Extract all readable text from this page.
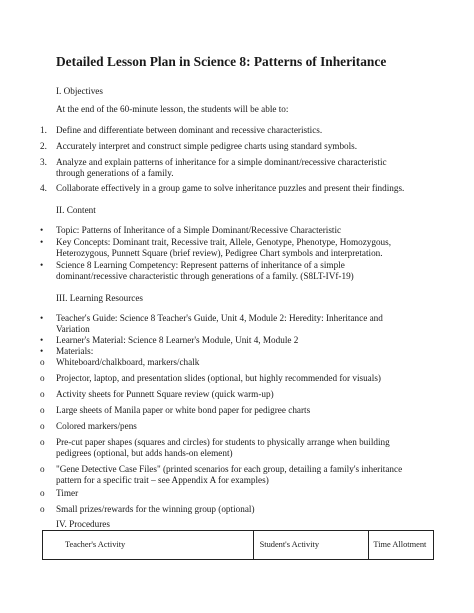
Detailed Lesson Plan in Science 8: Patterns of Inheritance
I. Objectives
At the end of the 60-minute lesson, the students will be able to:
1. Define and differentiate between dominant and recessive characteristics.
2. Accurately interpret and construct simple pedigree charts using standard symbols.
3. Analyze and explain patterns of inheritance for a simple dominant/recessive characteristic
through generations of a family.
4. Collaborate effectively in a group game to solve inheritance puzzles and present their findings.
II. Content
• Topic: Patterns of Inheritance of a Simple Dominant/Recessive Characteristic
• Key Concepts: Dominant trait, Recessive trait, Allele, Genotype, Phenotype, Homozygous,
Heterozygous, Punnett Square (brief review), Pedigree Chart symbols and interpretation.
• Science 8 Learning Competency: Represent patterns of inheritance of a simple
dominant/recessive characteristic through generations of a family. (S8LT-IVf-19)
III. Learning Resources
• Teacher's Guide: Science 8 Teacher's Guide, Unit 4, Module 2: Heredity: Inheritance and
Variation
• Learner's Material: Science 8 Learner's Module, Unit 4, Module 2
• Materials:
o Whiteboard/chalkboard, markers/chalk
o Projector, laptop, and presentation slides (optional, but highly recommended for visuals)
o Activity sheets for Punnett Square review (quick warm-up)
o Large sheets of Manila paper or white bond paper for pedigree charts
o Colored markers/pens
o Pre-cut paper shapes (squares and circles) for students to physically arrange when building
pedigrees (optional, but adds hands-on element)
o "Gene Detective Case Files" (printed scenarios for each group, detailing a family's inheritance
pattern for a specific trait – see Appendix A for examples)
o Timer
o Small prizes/rewards for the winning group (optional)
IV. Procedures
Teacher's Activity	Student's Activity	Time Allotment
